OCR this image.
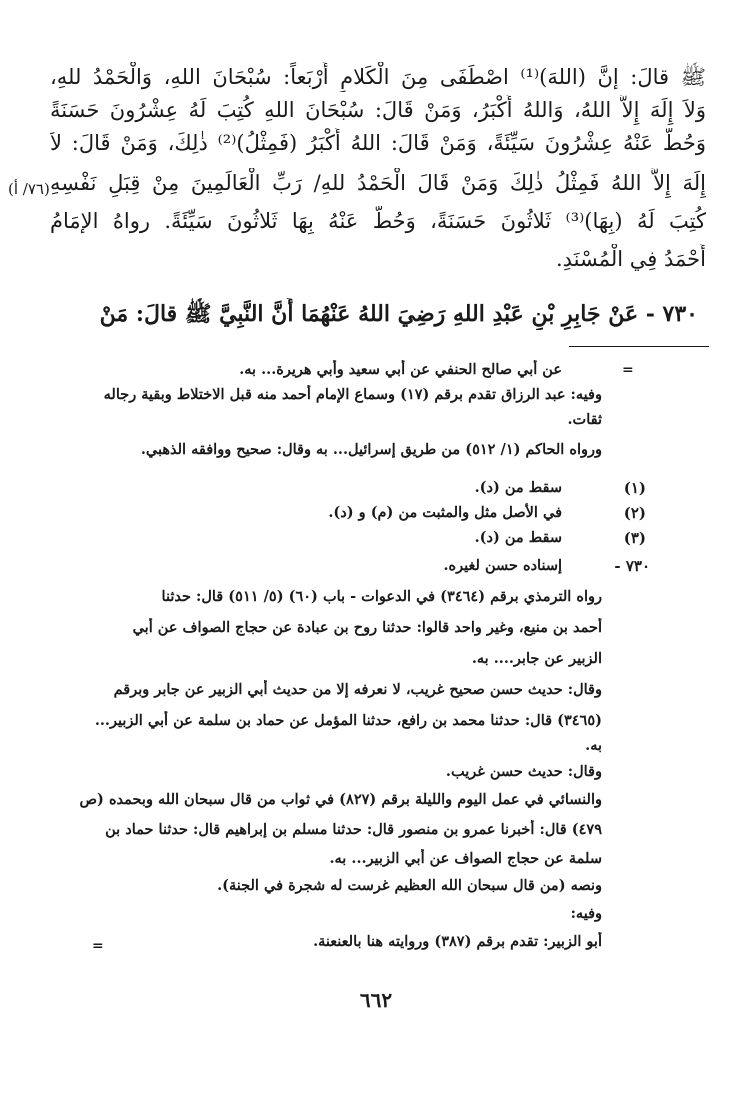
ﷺ قالَ: إنَّ (اللهَ)⁽¹⁾ اصْطَفَى مِنَ الْكَلامِ أَرْبَعاً: سُبْحَانَ اللهِ، وَالْحَمْدُ للهِ،
وَلاَ إِلَهَ إِلاَّ اللهُ، وَاللهُ أَكْبَرُ، وَمَنْ قَالَ: سُبْحَانَ اللهِ كُتِبَ لَهُ عِشْرُونَ حَسَنَةً
وَحُطَّ عَنْهُ عِشْرُونَ سَيِّئَةً، وَمَنْ قَالَ: اللهُ أَكْبَرُ (فَمِثْلُ)⁽²⁾ ذٰلِكَ، وَمَنْ قَالَ: لاَ
إِلَهَ إِلاَّ اللهُ فَمِثْلُ ذٰلِكَ وَمَنْ قَالَ الْحَمْدُ للهِ/ رَبِّ الْعَالَمِينَ مِنْ قِبَلِ نَفْسِهِ
كُتِبَ لَهُ (بِهَا)⁽³⁾ ثَلاثُونَ حَسَنَةً، وَحُطَّ عَنْهُ بِهَا ثَلاثُونَ سَيِّئَةً. رواهُ الإمَامُ
أَحْمَدُ فِي الْمُسْنَدِ.
(٧٦/ أ)
٧٣٠ - عَنْ جَابِرِ بْنِ عَبْدِ اللهِ رَضِيَ اللهُ عَنْهُمَا أَنَّ النَّبِيَّ ﷺ قالَ: مَنْ
=
عن أبي صالح الحنفي عن أبي سعيد وأبي هريرة... به.
وفيه: عبد الرزاق تقدم برقم (١٧) وسماع الإمام أحمد منه قبل الاختلاط وبقية رجاله
ثقات.
ورواه الحاكم (١/ ٥١٢) من طريق إسرائيل... به وقال: صحيح ووافقه الذهبي.
(١)
سقط من (د).
(٢)
في الأصل مثل والمثبت من (م) و (د).
(٣)
سقط من (د).
٧٣٠ -
إسناده حسن لغيره.
رواه الترمذي برقم (٣٤٦٤) في الدعوات - باب (٦٠) (٥/ ٥١١) قال: حدثنا
أحمد بن منيع، وغير واحد قالوا: حدثنا روح بن عبادة عن حجاج الصواف عن أبي
الزبير عن جابر.... به.
وقال: حديث حسن صحيح غريب، لا نعرفه إلا من حديث أبي الزبير عن جابر وبرقم
(٣٤٦٥) قال: حدثنا محمد بن رافع، حدثنا المؤمل عن حماد بن سلمة عن أبي الزبير...
به.
وقال: حديث حسن غريب.
والنسائي في عمل اليوم والليلة برقم (٨٢٧) في ثواب من قال سبحان الله وبحمده (ص
٤٧٩) قال: أخبرنا عمرو بن منصور قال: حدثنا مسلم بن إبراهيم قال: حدثنا حماد بن
سلمة عن حجاج الصواف عن أبي الزبير... به.
ونصه (من قال سبحان الله العظيم غرست له شجرة في الجنة).
وفيه:
أبو الزبير: تقدم برقم (٣٨٧) وروايته هنا بالعنعنة.
=
٦٦٢
